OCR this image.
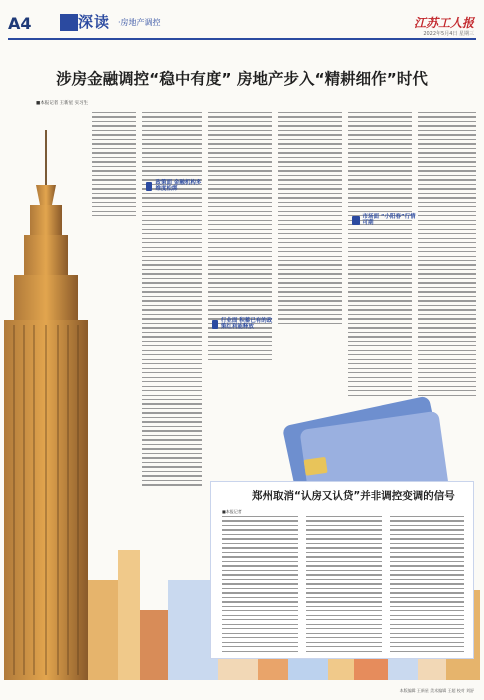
A4	深读 ·房地产调控	江苏工人报
2022年5月4日 星期三
涉房金融调控“稳中有度” 房地产步入“精耕细作”时代
■本报记者 王新星 实习生
政策面 金融机构多维度松绑
行业面 积蓄已有的政策红利能释放
市场面 “小阳春”行情可期
郑州取消“认房又认贷”并非调控变调的信号
■本报记者
本版编辑 王新星 美术编辑 王超 校对 刘舒
